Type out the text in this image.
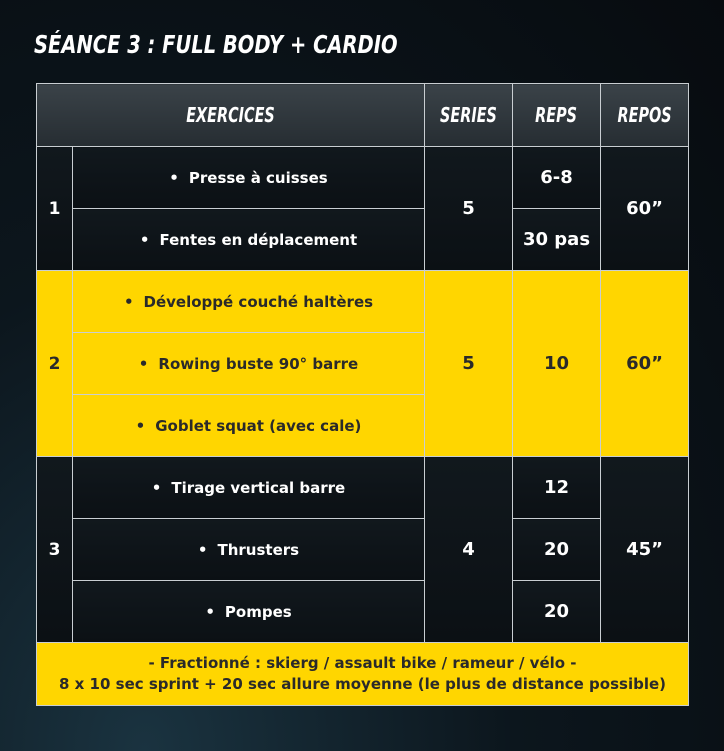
SÉANCE 3 : FULL BODY + CARDIO
EXERCICES		SERIES	REPS	REPOS
1	• Presse à cuisses	5	6-8	60”
	• Fentes en déplacement		30 pas	
2	• Développé couché haltères	5	10	60”
	• Rowing buste 90° barre
	• Goblet squat (avec cale)
3	• Tirage vertical barre	4	12	45”
	• Thrusters		20	
	• Pompes		20	

- Fractionné : skierg / assault bike / rameur / vélo -
8 x 10 sec sprint + 20 sec allure moyenne (le plus de distance possible)				
